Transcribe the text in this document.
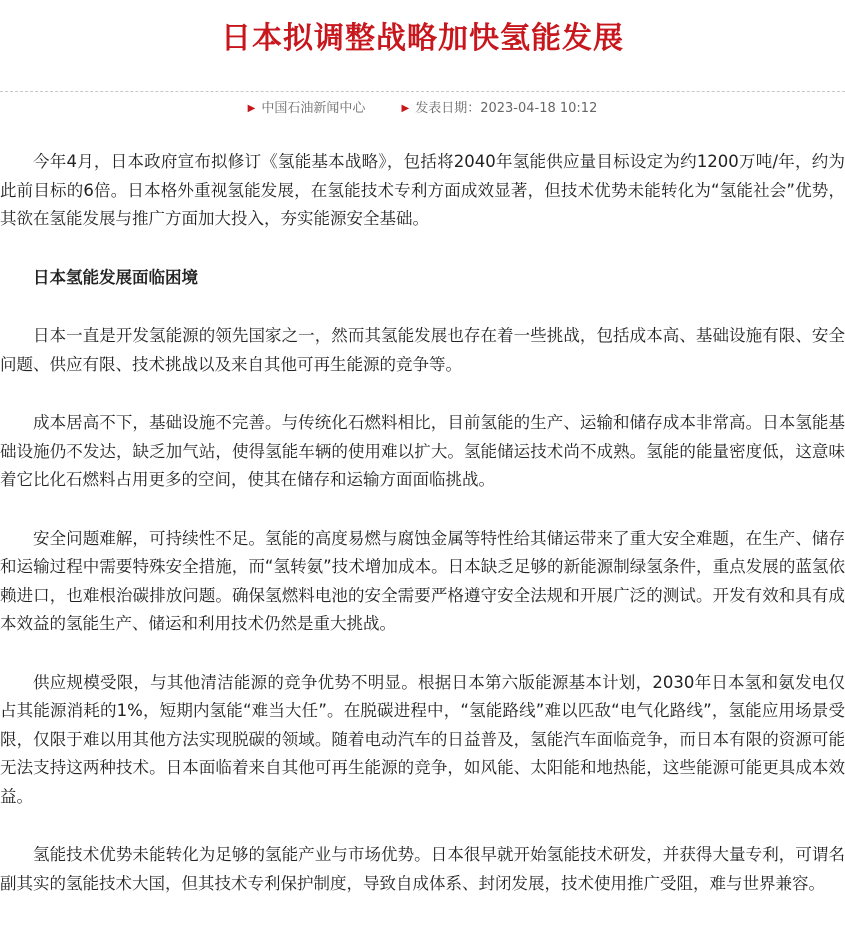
日本拟调整战略加快氢能发展
▶ 中国石油新闻中心	▶ 发表日期：2023-04-18 10:12

今年4月，日本政府宣布拟修订《氢能基本战略》，包括将2040年氢能供应量目标设定为约1200万吨/年，约为此前目标的6倍。日本格外重视氢能发展，在氢能技术专利方面成效显著，但技术优势未能转化为“氢能社会”优势，其欲在氢能发展与推广方面加大投入，夯实能源安全基础。

日本氢能发展面临困境

日本一直是开发氢能源的领先国家之一，然而其氢能发展也存在着一些挑战，包括成本高、基础设施有限、安全问题、供应有限、技术挑战以及来自其他可再生能源的竞争等。

成本居高不下，基础设施不完善。与传统化石燃料相比，目前氢能的生产、运输和储存成本非常高。日本氢能基础设施仍不发达，缺乏加气站，使得氢能车辆的使用难以扩大。氢能储运技术尚不成熟。氢能的能量密度低，这意味着它比化石燃料占用更多的空间，使其在储存和运输方面面临挑战。

安全问题难解，可持续性不足。氢能的高度易燃与腐蚀金属等特性给其储运带来了重大安全难题，在生产、储存和运输过程中需要特殊安全措施，而“氢转氨”技术增加成本。日本缺乏足够的新能源制绿氢条件，重点发展的蓝氢依赖进口，也难根治碳排放问题。确保氢燃料电池的安全需要严格遵守安全法规和开展广泛的测试。开发有效和具有成本效益的氢能生产、储运和利用技术仍然是重大挑战。

供应规模受限，与其他清洁能源的竞争优势不明显。根据日本第六版能源基本计划，2030年日本氢和氨发电仅占其能源消耗的1%，短期内氢能“难当大任”。在脱碳进程中，“氢能路线”难以匹敌“电气化路线”，氢能应用场景受限，仅限于难以用其他方法实现脱碳的领域。随着电动汽车的日益普及，氢能汽车面临竞争，而日本有限的资源可能无法支持这两种技术。日本面临着来自其他可再生能源的竞争，如风能、太阳能和地热能，这些能源可能更具成本效益。

氢能技术优势未能转化为足够的氢能产业与市场优势。日本很早就开始氢能技术研发，并获得大量专利，可谓名副其实的氢能技术大国，但其技术专利保护制度，导致自成体系、封闭发展，技术使用推广受阻，难与世界兼容。
